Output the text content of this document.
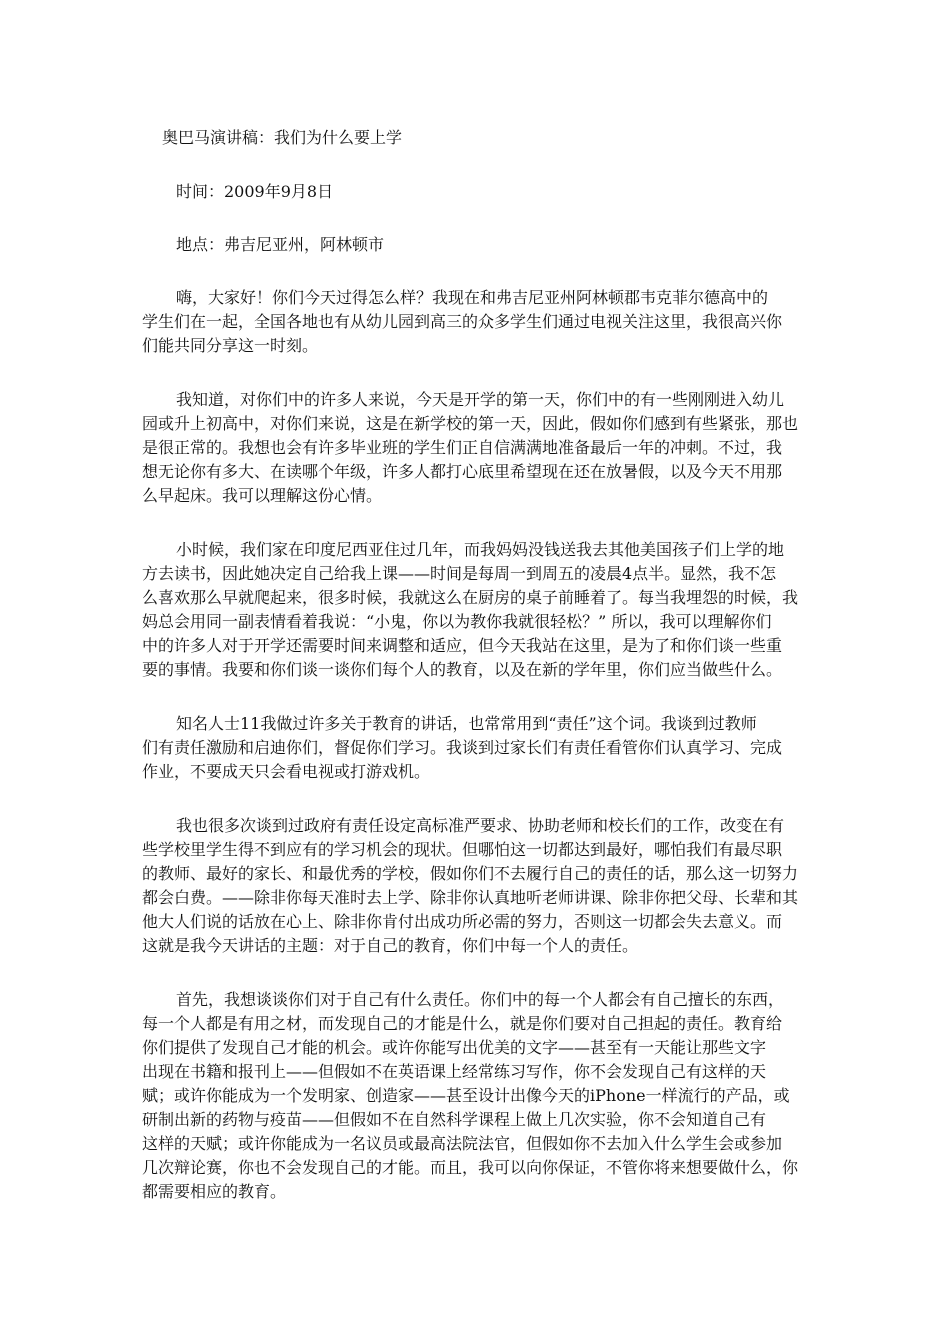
奥巴马演讲稿：我们为什么要上学

时间：2009年9月8日

地点：弗吉尼亚州，阿林顿市

嗨，大家好！你们今天过得怎么样？我现在和弗吉尼亚州阿林顿郡韦克菲尔德高中的

学生们在一起，全国各地也有从幼儿园到高三的众多学生们通过电视关注这里，我很高兴你

们能共同分享这一时刻。

我知道，对你们中的许多人来说，今天是开学的第一天，你们中的有一些刚刚进入幼儿

园或升上初高中，对你们来说，这是在新学校的第一天，因此，假如你们感到有些紧张，那也

是很正常的。我想也会有许多毕业班的学生们正自信满满地准备最后一年的冲刺。不过，我

想无论你有多大、在读哪个年级，许多人都打心底里希望现在还在放暑假，以及今天不用那

么早起床。我可以理解这份心情。

小时候，我们家在印度尼西亚住过几年，而我妈妈没钱送我去其他美国孩子们上学的地

方去读书，因此她决定自己给我上课——时间是每周一到周五的凌晨4点半。显然，我不怎

么喜欢那么早就爬起来，很多时候，我就这么在厨房的桌子前睡着了。每当我埋怨的时候，我

妈总会用同一副表情看着我说：“小鬼，你以为教你我就很轻松？” 所以，我可以理解你们

中的许多人对于开学还需要时间来调整和适应，但今天我站在这里，是为了和你们谈一些重

要的事情。我要和你们谈一谈你们每个人的教育，以及在新的学年里，你们应当做些什么。

知名人士11我做过许多关于教育的讲话，也常常用到“责任”这个词。我谈到过教师

们有责任激励和启迪你们，督促你们学习。我谈到过家长们有责任看管你们认真学习、完成

作业，不要成天只会看电视或打游戏机。

我也很多次谈到过政府有责任设定高标准严要求、协助老师和校长们的工作，改变在有

些学校里学生得不到应有的学习机会的现状。但哪怕这一切都达到最好，哪怕我们有最尽职

的教师、最好的家长、和最优秀的学校，假如你们不去履行自己的责任的话，那么这一切努力

都会白费。——除非你每天准时去上学、除非你认真地听老师讲课、除非你把父母、长辈和其

他大人们说的话放在心上、除非你肯付出成功所必需的努力，否则这一切都会失去意义。而

这就是我今天讲话的主题：对于自己的教育，你们中每一个人的责任。

首先，我想谈谈你们对于自己有什么责任。你们中的每一个人都会有自己擅长的东西，

每一个人都是有用之材，而发现自己的才能是什么，就是你们要对自己担起的责任。教育给

你们提供了发现自己才能的机会。或许你能写出优美的文字——甚至有一天能让那些文字

出现在书籍和报刊上——但假如不在英语课上经常练习写作，你不会发现自己有这样的天

赋；或许你能成为一个发明家、创造家——甚至设计出像今天的iPhone一样流行的产品，或

研制出新的药物与疫苗——但假如不在自然科学课程上做上几次实验，你不会知道自己有

这样的天赋；或许你能成为一名议员或最高法院法官，但假如你不去加入什么学生会或参加

几次辩论赛，你也不会发现自己的才能。而且，我可以向你保证，不管你将来想要做什么，你

都需要相应的教育。
